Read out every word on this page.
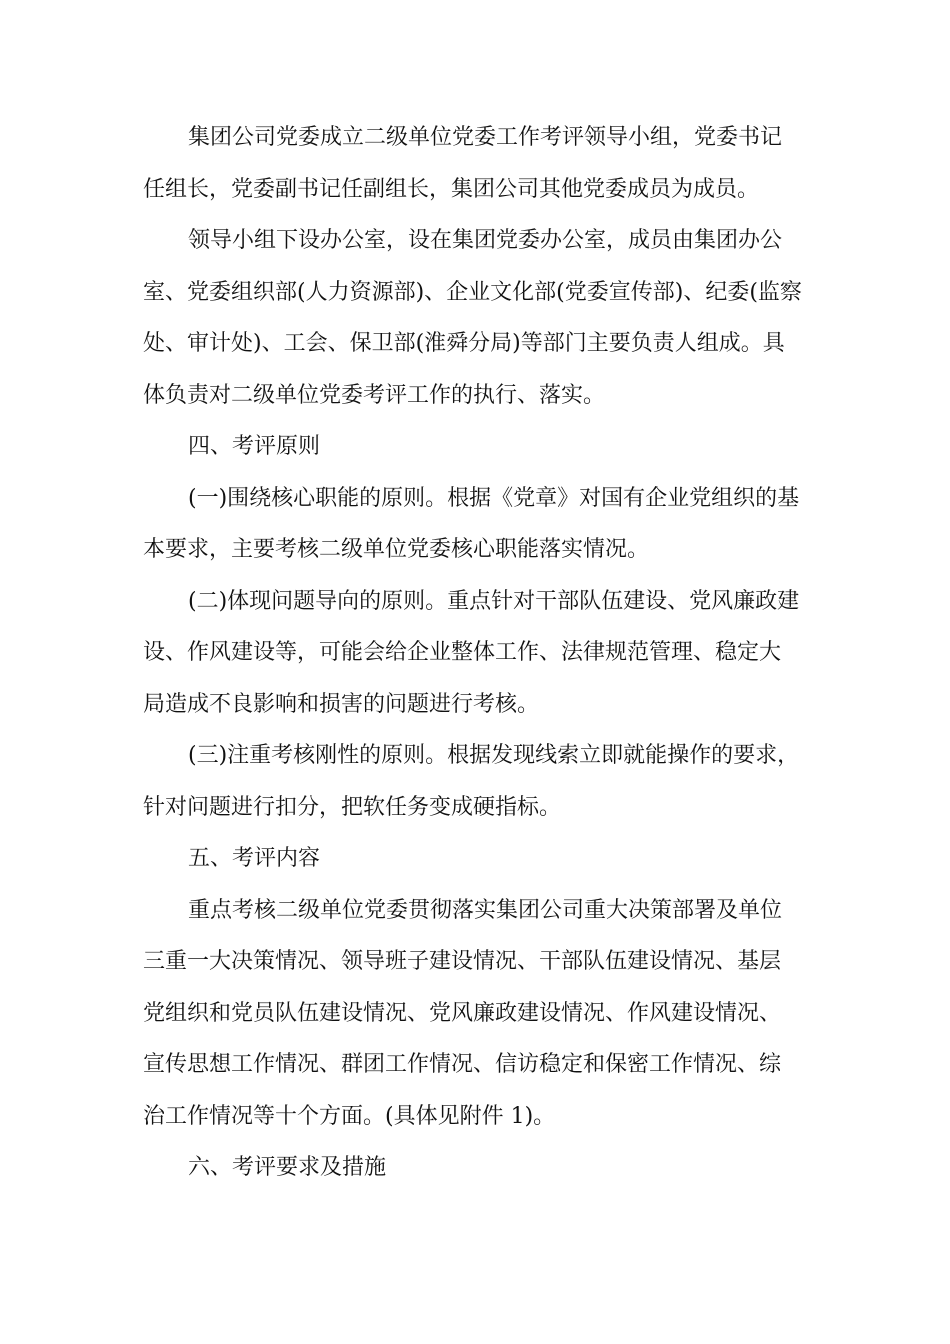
集团公司党委成立二级单位党委工作考评领导小组，党委书记
任组长，党委副书记任副组长，集团公司其他党委成员为成员。

领导小组下设办公室，设在集团党委办公室，成员由集团办公
室、党委组织部(人力资源部)、企业文化部(党委宣传部)、纪委(监察
处、审计处)、工会、保卫部(淮舜分局)等部门主要负责人组成。具
体负责对二级单位党委考评工作的执行、落实。

四、考评原则

(一)围绕核心职能的原则。根据《党章》对国有企业党组织的基
本要求，主要考核二级单位党委核心职能落实情况。

(二)体现问题导向的原则。重点针对干部队伍建设、党风廉政建
设、作风建设等，可能会给企业整体工作、法律规范管理、稳定大
局造成不良影响和损害的问题进行考核。

(三)注重考核刚性的原则。根据发现线索立即就能操作的要求，
针对问题进行扣分，把软任务变成硬指标。

五、考评内容

重点考核二级单位党委贯彻落实集团公司重大决策部署及单位
三重一大决策情况、领导班子建设情况、干部队伍建设情况、基层
党组织和党员队伍建设情况、党风廉政建设情况、作风建设情况、
宣传思想工作情况、群团工作情况、信访稳定和保密工作情况、综
治工作情况等十个方面。(具体见附件 1)。

六、考评要求及措施
